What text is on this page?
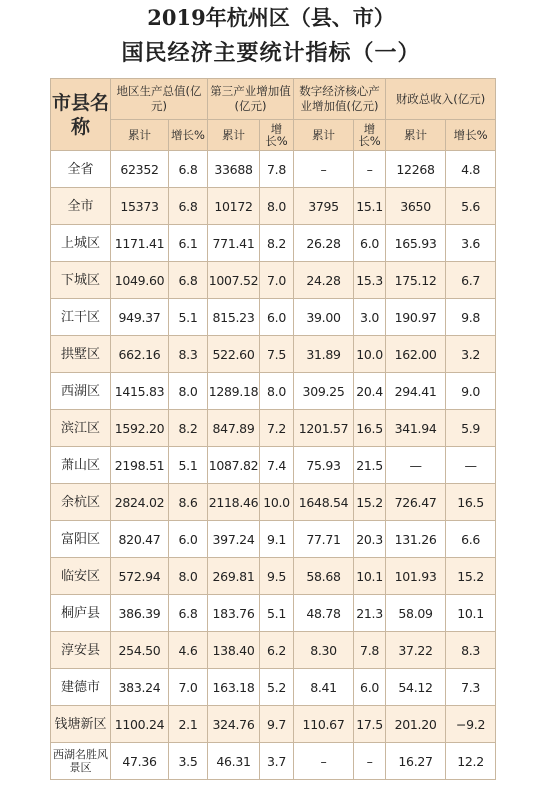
2019年杭州区（县、市）
国民经济主要统计指标（一）
市县名称	地区生产总值(亿元)		第三产业增加值(亿元)		数字经济核心产业增加值(亿元)		财政总收入(亿元)	
	累计	增长%	累计	增长%	累计	增长%	累计	增长%
全省	62352	6.8	33688	7.8	–	–	12268	4.8
全市	15373	6.8	10172	8.0	3795	15.1	3650	5.6
上城区	1171.41	6.1	771.41	8.2	26.28	6.0	165.93	3.6
下城区	1049.60	6.8	1007.52	7.0	24.28	15.3	175.12	6.7
江干区	949.37	5.1	815.23	6.0	39.00	3.0	190.97	9.8
拱墅区	662.16	8.3	522.60	7.5	31.89	10.0	162.00	3.2
西湖区	1415.83	8.0	1289.18	8.0	309.25	20.4	294.41	9.0
滨江区	1592.20	8.2	847.89	7.2	1201.57	16.5	341.94	5.9
萧山区	2198.51	5.1	1087.82	7.4	75.93	21.5	—	—
余杭区	2824.02	8.6	2118.46	10.0	1648.54	15.2	726.47	16.5
富阳区	820.47	6.0	397.24	9.1	77.71	20.3	131.26	6.6
临安区	572.94	8.0	269.81	9.5	58.68	10.1	101.93	15.2
桐庐县	386.39	6.8	183.76	5.1	48.78	21.3	58.09	10.1
淳安县	254.50	4.6	138.40	6.2	8.30	7.8	37.22	8.3
建德市	383.24	7.0	163.18	5.2	8.41	6.0	54.12	7.3
钱塘新区	1100.24	2.1	324.76	9.7	110.67	17.5	201.20	−9.2
西湖名胜风景区	47.36	3.5	46.31	3.7	–	–	16.27	12.2
